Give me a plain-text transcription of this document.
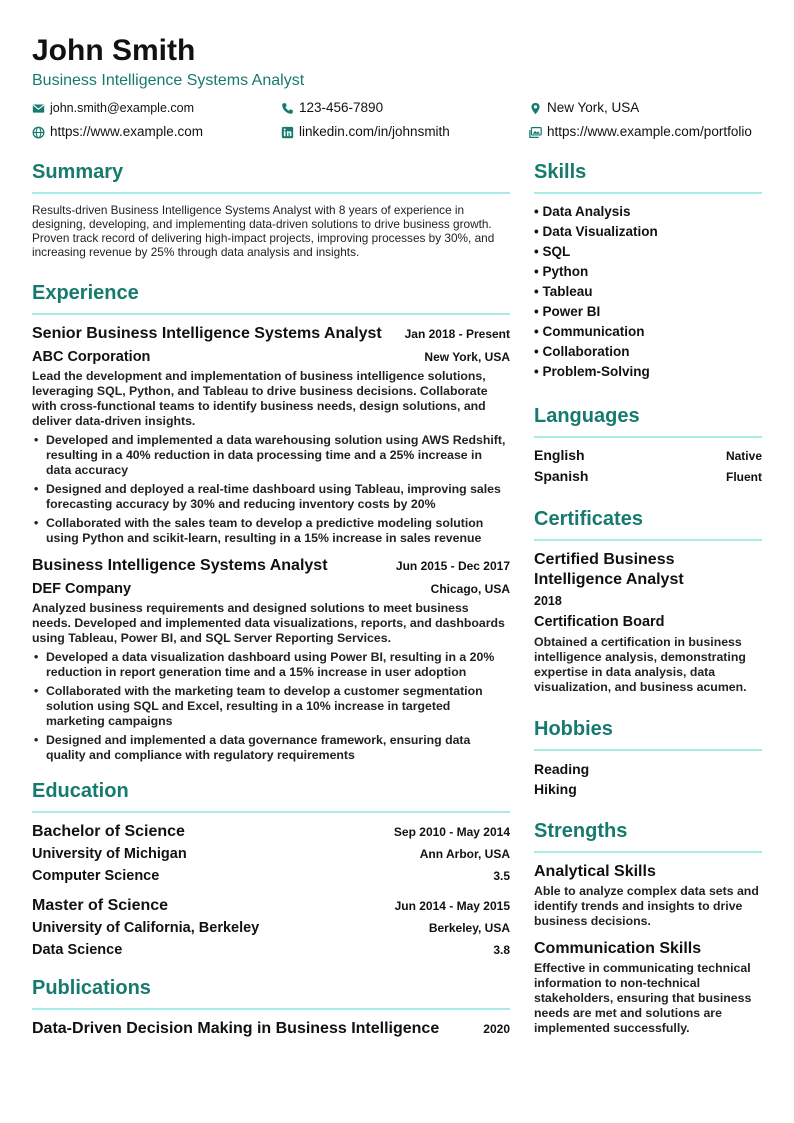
John Smith
Business Intelligence Systems Analyst
john.smith@example.com	123-456-7890	New York, USA
https://www.example.com	linkedin.com/in/johnsmith	https://www.example.com/portfolio
Summary
Results-driven Business Intelligence Systems Analyst with 8 years of experience in designing, developing, and implementing data-driven solutions to drive business growth. Proven track record of delivering high-impact projects, improving processes by 30%, and increasing revenue by 25% through data analysis and insights.
Experience
Senior Business Intelligence Systems Analyst Jan 2018 - Present
ABC Corporation	New York, USA
Lead the development and implementation of business intelligence solutions, leveraging SQL, Python, and Tableau to drive business decisions. Collaborate with cross-functional teams to identify business needs, design solutions, and deliver data-driven insights.
• Developed and implemented a data warehousing solution using AWS Redshift, resulting in a 40% reduction in data processing time and a 25% increase in data accuracy
• Designed and deployed a real-time dashboard using Tableau, improving sales forecasting accuracy by 30% and reducing inventory costs by 20%
• Collaborated with the sales team to develop a predictive modeling solution using Python and scikit-learn, resulting in a 15% increase in sales revenue
Business Intelligence Systems Analyst	Jun 2015 - Dec 2017
DEF Company	Chicago, USA
Analyzed business requirements and designed solutions to meet business needs. Developed and implemented data visualizations, reports, and dashboards using Tableau, Power BI, and SQL Server Reporting Services.
• Developed a data visualization dashboard using Power BI, resulting in a 20% reduction in report generation time and a 15% increase in user adoption
• Collaborated with the marketing team to develop a customer segmentation solution using SQL and Excel, resulting in a 10% increase in targeted marketing campaigns
• Designed and implemented a data governance framework, ensuring data quality and compliance with regulatory requirements
Education
Bachelor of Science	Sep 2010 - May 2014
University of Michigan	Ann Arbor, USA
Computer Science	3.5
Master of Science	Jun 2014 - May 2015
University of California, Berkeley	Berkeley, USA
Data Science	3.8
Publications
Data-Driven Decision Making in Business Intelligence	2020
Skills
• Data Analysis
• Data Visualization
• SQL
• Python
• Tableau
• Power BI
• Communication
• Collaboration
• Problem-Solving
Languages
English	Native
Spanish	Fluent
Certificates
Certified Business Intelligence Analyst
2018
Certification Board
Obtained a certification in business intelligence analysis, demonstrating expertise in data analysis, data visualization, and business acumen.
Hobbies
Reading
Hiking
Strengths
Analytical Skills
Able to analyze complex data sets and identify trends and insights to drive business decisions.
Communication Skills
Effective in communicating technical information to non-technical stakeholders, ensuring that business needs are met and solutions are implemented successfully.
